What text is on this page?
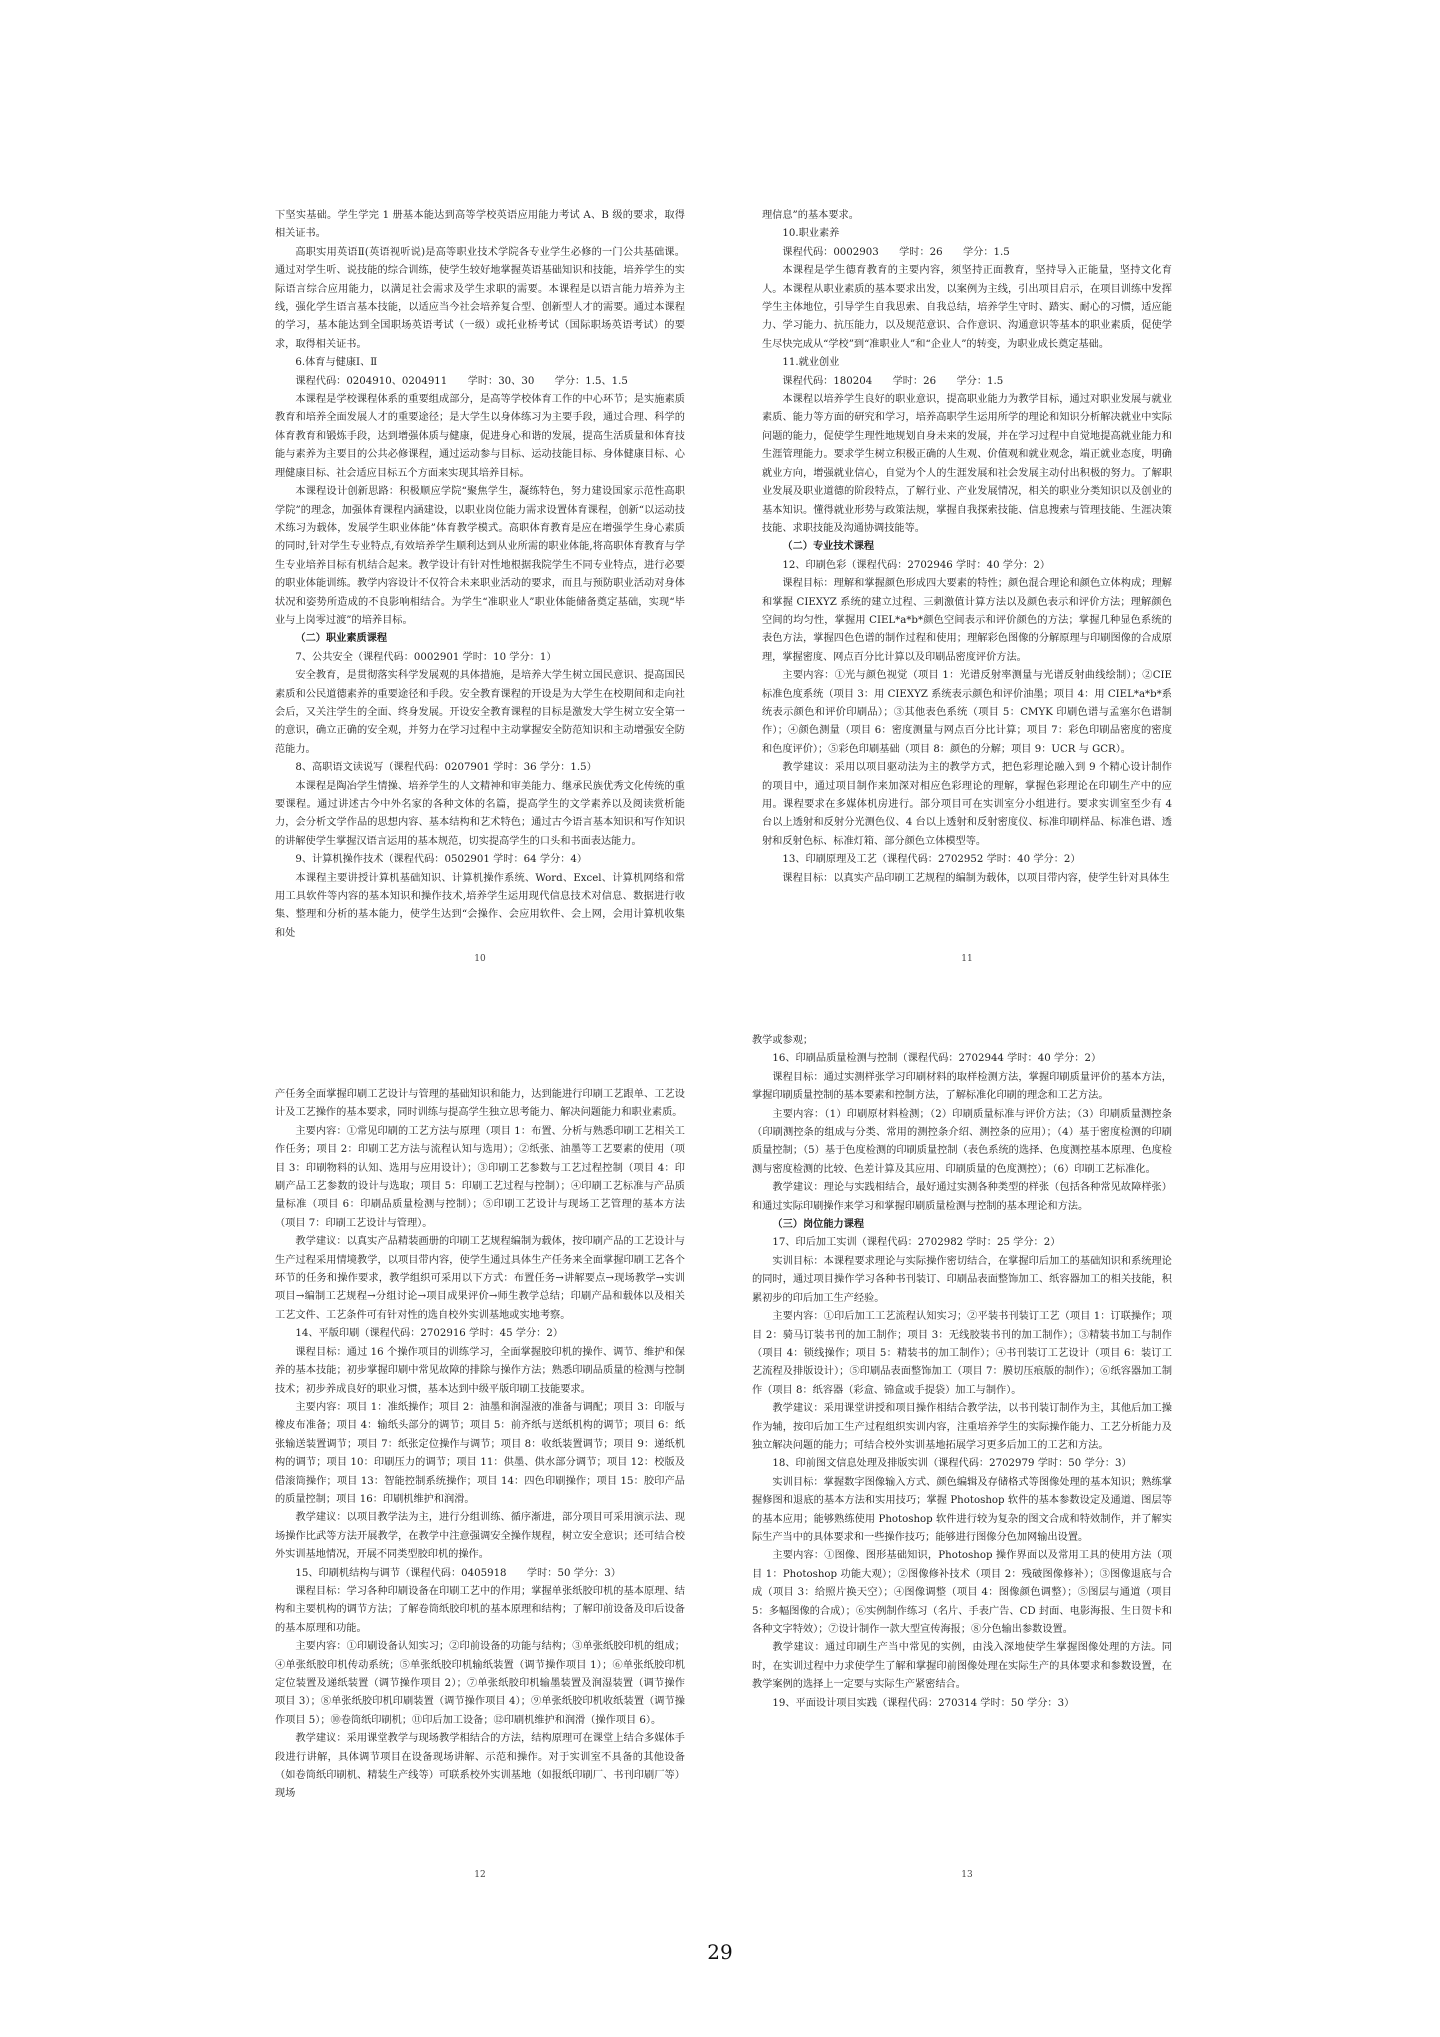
下坚实基础。学生学完 1 册基本能达到高等学校英语应用能力考试 A、B 级的要求，取得相关证书。

高职实用英语Ⅱ(英语视听说)是高等职业技术学院各专业学生必修的一门公共基础课。通过对学生听、说技能的综合训练，使学生较好地掌握英语基础知识和技能，培养学生的实际语言综合应用能力，以满足社会需求及学生求职的需要。本课程是以语言能力培养为主线，强化学生语言基本技能，以适应当今社会培养复合型、创新型人才的需要。通过本课程的学习，基本能达到全国职场英语考试（一级）或托业桥考试（国际职场英语考试）的要求，取得相关证书。

6.体育与健康Ⅰ、Ⅱ

课程代码：0204910、0204911　　学时：30、30　　学分：1.5、1.5

本课程是学校课程体系的重要组成部分，是高等学校体育工作的中心环节；是实施素质教育和培养全面发展人才的重要途径；是大学生以身体练习为主要手段，通过合理、科学的体育教育和锻炼手段，达到增强体质与健康，促进身心和谐的发展，提高生活质量和体育技能与素养为主要目的公共必修课程，通过运动参与目标、运动技能目标、身体健康目标、心理健康目标、社会适应目标五个方面来实现其培养目标。

本课程设计创新思路：积极顺应学院“聚焦学生，凝练特色，努力建设国家示范性高职学院”的理念，加强体育课程内涵建设，以职业岗位能力需求设置体育课程，创新“以运动技术练习为载体，发展学生职业体能”体育教学模式。高职体育教育是应在增强学生身心素质的同时,针对学生专业特点,有效培养学生顺利达到从业所需的职业体能,将高职体育教育与学生专业培养目标有机结合起来。教学设计有针对性地根据我院学生不同专业特点，进行必要的职业体能训练。教学内容设计不仅符合未来职业活动的要求，而且与预防职业活动对身体状况和姿势所造成的不良影响相结合。为学生“准职业人”职业体能储备奠定基础，实现“毕业与上岗零过渡”的培养目标。

（二）职业素质课程

7、公共安全（课程代码：0002901 学时：10 学分：1）

安全教育，是贯彻落实科学发展观的具体措施，是培养大学生树立国民意识、提高国民素质和公民道德素养的重要途径和手段。安全教育课程的开设是为大学生在校期间和走向社会后，又关注学生的全面、终身发展。开设安全教育课程的目标是激发大学生树立安全第一的意识，确立正确的安全观，并努力在学习过程中主动掌握安全防范知识和主动增强安全防范能力。

8、高职语文读说写（课程代码：0207901 学时：36 学分：1.5）

本课程是陶冶学生情操、培养学生的人文精神和审美能力、继承民族优秀文化传统的重要课程。通过讲述古今中外名家的各种文体的名篇，提高学生的文学素养以及阅读赏析能力，会分析文学作品的思想内容、基本结构和艺术特色；通过古今语言基本知识和写作知识的讲解使学生掌握汉语言运用的基本规范，切实提高学生的口头和书面表达能力。

9、计算机操作技术（课程代码：0502901 学时：64 学分：4）

本课程主要讲授计算机基础知识、计算机操作系统、Word、Excel、计算机网络和常用工具软件等内容的基本知识和操作技术,培养学生运用现代信息技术对信息、数据进行收集、整理和分析的基本能力，使学生达到“会操作、会应用软件、会上网，会用计算机收集和处

理信息”的基本要求。

10.职业素养

课程代码：0002903　　学时：26　　学分：1.5

本课程是学生德育教育的主要内容，须坚持正面教育，坚持导入正能量，坚持文化育人。本课程从职业素质的基本要求出发，以案例为主线，引出项目启示，在项目训练中发挥学生主体地位，引导学生自我思索、自我总结，培养学生守时、踏实、耐心的习惯，适应能力、学习能力、抗压能力，以及规范意识、合作意识、沟通意识等基本的职业素质，促使学生尽快完成从“学校”到“准职业人”和“企业人”的转变，为职业成长奠定基础。

11.就业创业

课程代码：180204　　学时：26　　学分：1.5

本课程以培养学生良好的职业意识，提高职业能力为教学目标，通过对职业发展与就业素质、能力等方面的研究和学习，培养高职学生运用所学的理论和知识分析解决就业中实际问题的能力，促使学生理性地规划自身未来的发展，并在学习过程中自觉地提高就业能力和生涯管理能力。要求学生树立积极正确的人生观、价值观和就业观念，端正就业态度，明确就业方向，增强就业信心，自觉为个人的生涯发展和社会发展主动付出积极的努力。了解职业发展及职业道德的阶段特点，了解行业、产业发展情况，相关的职业分类知识以及创业的基本知识。懂得就业形势与政策法规，掌握自我探索技能、信息搜索与管理技能、生涯决策技能、求职技能及沟通协调技能等。

（二）专业技术课程

12、印刷色彩（课程代码：2702946 学时：40 学分：2）

课程目标：理解和掌握颜色形成四大要素的特性；颜色混合理论和颜色立体构成；理解和掌握 CIEXYZ 系统的建立过程、三刺激值计算方法以及颜色表示和评价方法；理解颜色空间的均匀性，掌握用 CIEL*a*b*颜色空间表示和评价颜色的方法；掌握几种显色系统的表色方法，掌握四色色谱的制作过程和使用；理解彩色图像的分解原理与印刷图像的合成原理，掌握密度、网点百分比计算以及印刷品密度评价方法。

主要内容：①光与颜色视觉（项目 1：光谱反射率测量与光谱反射曲线绘制）；②CIE 标准色度系统（项目 3：用 CIEXYZ 系统表示颜色和评价油墨；项目 4：用 CIEL*a*b*系统表示颜色和评价印刷品）；③其他表色系统（项目 5：CMYK 印刷色谱与孟塞尔色谱制作）；④颜色测量（项目 6：密度测量与网点百分比计算；项目 7：彩色印刷品密度的密度和色度评价）；⑤彩色印刷基础（项目 8：颜色的分解；项目 9：UCR 与 GCR）。

教学建议：采用以项目驱动法为主的教学方式，把色彩理论融入到 9 个精心设计制作的项目中，通过项目制作来加深对相应色彩理论的理解，掌握色彩理论在印刷生产中的应用。课程要求在多媒体机房进行。部分项目可在实训室分小组进行。要求实训室至少有 4 台以上透射和反射分光测色仪、4 台以上透射和反射密度仪、标准印刷样品、标准色谱、透射和反射色标、标准灯箱、部分颜色立体模型等。

13、印刷原理及工艺（课程代码：2702952 学时：40 学分：2）

课程目标：以真实产品印刷工艺规程的编制为载体，以项目带内容，使学生针对具体生

产任务全面掌握印刷工艺设计与管理的基础知识和能力，达到能进行印刷工艺跟单、工艺设计及工艺操作的基本要求，同时训练与提高学生独立思考能力、解决问题能力和职业素质。

主要内容：①常见印刷的工艺方法与原理（项目 1：布置、分析与熟悉印刷工艺相关工作任务；项目 2：印刷工艺方法与流程认知与选用）；②纸张、油墨等工艺要素的使用（项目 3：印刷物料的认知、选用与应用设计）；③印刷工艺参数与工艺过程控制（项目 4：印刷产品工艺参数的设计与选取；项目 5：印刷工艺过程与控制）；④印刷工艺标准与产品质量标准（项目 6：印刷品质量检测与控制）；⑤印刷工艺设计与现场工艺管理的基本方法（项目 7：印刷工艺设计与管理）。

教学建议：以真实产品精装画册的印刷工艺规程编制为载体，按印刷产品的工艺设计与生产过程采用情境教学，以项目带内容，使学生通过具体生产任务来全面掌握印刷工艺各个环节的任务和操作要求，教学组织可采用以下方式：布置任务→讲解要点→现场教学→实训项目→编制工艺规程→分组讨论→项目成果评价→师生教学总结；印刷产品和载体以及相关工艺文件、工艺条件可有针对性的选自校外实训基地或实地考察。

14、平版印刷（课程代码：2702916 学时：45 学分：2）

课程目标：通过 16 个操作项目的训练学习，全面掌握胶印机的操作、调节、维护和保养的基本技能；初步掌握印刷中常见故障的排除与操作方法；熟悉印刷品质量的检测与控制技术；初步养成良好的职业习惯，基本达到中级平版印刷工技能要求。

主要内容：项目 1：准纸操作；项目 2：油墨和润湿液的准备与调配；项目 3：印版与橡皮布准备；项目 4：输纸头部分的调节；项目 5：前齐纸与送纸机构的调节；项目 6：纸张输送装置调节；项目 7：纸张定位操作与调节；项目 8：收纸装置调节；项目 9：递纸机构的调节；项目 10：印刷压力的调节；项目 11：供墨、供水部分调节；项目 12：校版及借滚筒操作；项目 13：智能控制系统操作；项目 14：四色印刷操作；项目 15：胶印产品的质量控制；项目 16：印刷机维护和润滑。

教学建议：以项目教学法为主，进行分组训练、循序渐进，部分项目可采用演示法、现场操作比武等方法开展教学，在教学中注意强调安全操作规程，树立安全意识；还可结合校外实训基地情况，开展不同类型胶印机的操作。

15、印刷机结构与调节（课程代码：0405918　　学时：50 学分：3）

课程目标：学习各种印刷设备在印刷工艺中的作用；掌握单张纸胶印机的基本原理、结构和主要机构的调节方法；了解卷筒纸胶印机的基本原理和结构；了解印前设备及印后设备的基本原理和功能。

主要内容：①印刷设备认知实习；②印前设备的功能与结构；③单张纸胶印机的组成；④单张纸胶印机传动系统；⑤单张纸胶印机输纸装置（调节操作项目 1）；⑥单张纸胶印机定位装置及递纸装置（调节操作项目 2）；⑦单张纸胶印机输墨装置及润湿装置（调节操作项目 3）；⑧单张纸胶印机印刷装置（调节操作项目 4）；⑨单张纸胶印机收纸装置（调节操作项目 5）；⑩卷筒纸印刷机；⑪印后加工设备；⑫印刷机维护和润滑（操作项目 6）。

教学建议：采用课堂教学与现场教学相结合的方法，结构原理可在课堂上结合多媒体手段进行讲解，具体调节项目在设备现场讲解、示范和操作。对于实训室不具备的其他设备（如卷筒纸印刷机、精装生产线等）可联系校外实训基地（如报纸印刷厂、书刊印刷厂等）现场

教学或参观；

16、印刷品质量检测与控制（课程代码：2702944 学时：40 学分：2）

课程目标：通过实测样张学习印刷材料的取样检测方法，掌握印刷质量评价的基本方法，掌握印刷质量控制的基本要素和控制方法，了解标准化印刷的理念和工艺方法。

主要内容：（1）印刷原材料检测；（2）印刷质量标准与评价方法；（3）印刷质量测控条（印刷测控条的组成与分类、常用的测控条介绍、测控条的应用）；（4）基于密度检测的印刷质量控制；（5）基于色度检测的印刷质量控制（表色系统的选择、色度测控基本原理、色度检测与密度检测的比较、色差计算及其应用、印刷质量的色度测控）；（6）印刷工艺标准化。

教学建议：理论与实践相结合，最好通过实测各种类型的样张（包括各种常见故障样张）和通过实际印刷操作来学习和掌握印刷质量检测与控制的基本理论和方法。

（三）岗位能力课程

17、印后加工实训（课程代码：2702982 学时：25 学分：2）

实训目标：本课程要求理论与实际操作密切结合，在掌握印后加工的基础知识和系统理论的同时，通过项目操作学习各种书刊装订、印刷品表面整饰加工、纸容器加工的相关技能，积累初步的印后加工生产经验。

主要内容：①印后加工工艺流程认知实习；②平装书刊装订工艺（项目 1：订联操作；项目 2：骑马订装书刊的加工制作；项目 3：无线胶装书刊的加工制作）；③精装书加工与制作（项目 4：锁线操作；项目 5：精装书的加工制作）；④书刊装订工艺设计（项目 6：装订工艺流程及排版设计）；⑤印刷品表面整饰加工（项目 7：膜切压痕版的制作）；⑥纸容器加工制作（项目 8：纸容器（彩盒、锦盒或手提袋）加工与制作）。

教学建议：采用课堂讲授和项目操作相结合教学法，以书刊装订制作为主，其他后加工操作为辅，按印后加工生产过程组织实训内容，注重培养学生的实际操作能力、工艺分析能力及独立解决问题的能力；可结合校外实训基地拓展学习更多后加工的工艺和方法。

18、印前图文信息处理及排版实训（课程代码：2702979 学时：50 学分：3）

实训目标：掌握数字图像输入方式、颜色编辑及存储格式等图像处理的基本知识；熟练掌握修图和退底的基本方法和实用技巧；掌握 Photoshop 软件的基本参数设定及通道、图层等的基本应用；能够熟练使用 Photoshop 软件进行较为复杂的图文合成和特效制作，并了解实际生产当中的具体要求和一些操作技巧；能够进行图像分色加网输出设置。

主要内容：①图像、图形基础知识，Photoshop 操作界面以及常用工具的使用方法（项目 1：Photoshop 功能大观）；②图像修补技术（项目 2：残破图像修补）；③图像退底与合成（项目 3：给照片换天空）；④图像调整（项目 4：图像颜色调整）；⑤图层与通道（项目 5：多幅图像的合成）；⑥实例制作练习（名片、手表广告、CD 封面、电影海报、生日贺卡和各种文字特效）；⑦设计制作一款大型宣传海报；⑧分色输出参数设置。

教学建议：通过印刷生产当中常见的实例，由浅入深地使学生掌握图像处理的方法。同时，在实训过程中力求使学生了解和掌握印前图像处理在实际生产的具体要求和参数设置，在教学案例的选择上一定要与实际生产紧密结合。

19、平面设计项目实践（课程代码：270314 学时：50 学分：3）

10	11
12	13
29
